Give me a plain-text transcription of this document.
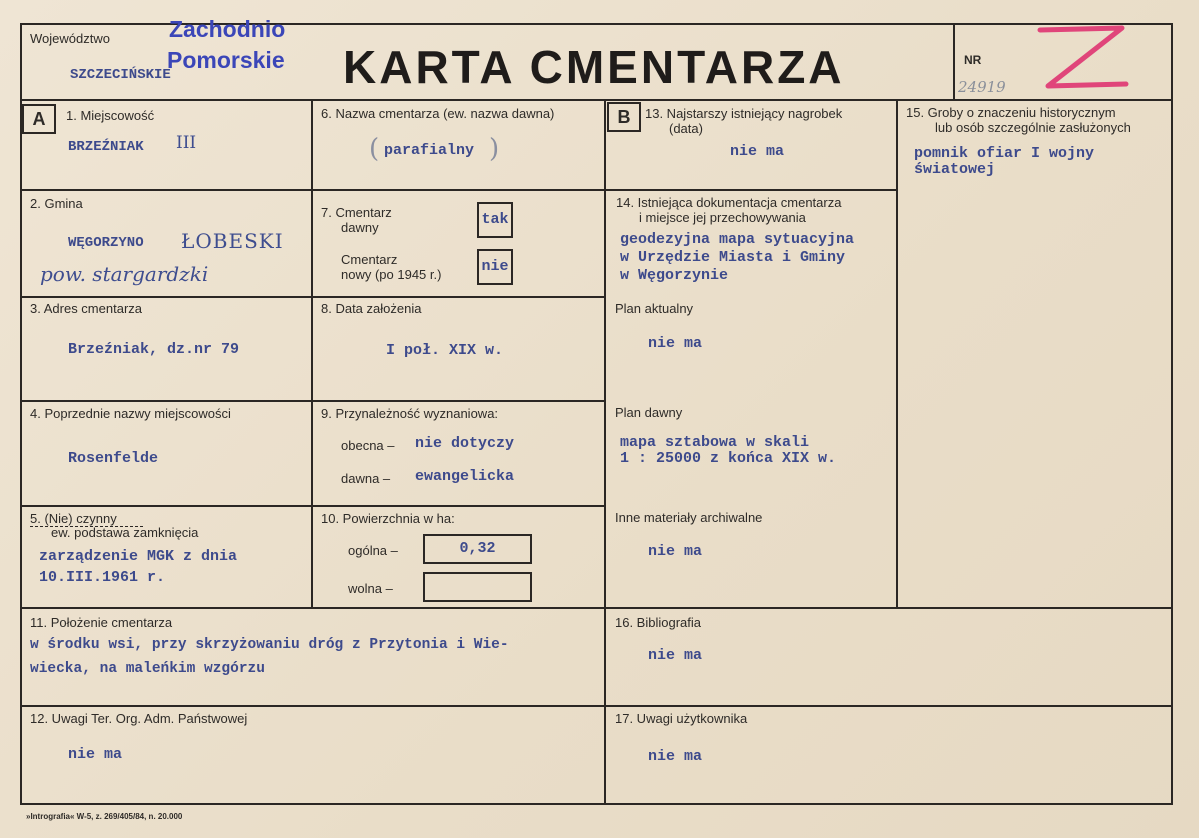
Województwo
SZCZECIŃSKIE
Zachodnio
Pomorskie KARTA CMENTARZA	NR
24919
A	1. Miejscowość
BRZEŹNIAK III
6. Nazwa cmentarza (ew. nazwa dawna)
( parafialny )
B	13. Najstarszy istniejący nagrobek
(data)
nie ma
15. Groby o znaczeniu historycznym
lub osób szczególnie zasłużonych
pomnik ofiar I wojny
światowej
2. Gmina
WĘGORZYNO ŁOBESKI
pow. stargardzki
7. Cmentarz
dawny	tak
Cmentarz
nowy (po 1945 r.)	nie
14. Istniejąca dokumentacja cmentarza
i miejsce jej przechowywania
geodezyjna mapa sytuacyjna
w Urzędzie Miasta i Gminy
w Węgorzynie
3. Adres cmentarza
Brzeźniak, dz.nr 79
8. Data założenia
I poł. XIX w.
Plan aktualny
nie ma
4. Poprzednie nazwy miejscowości
Rosenfelde
9. Przynależność wyznaniowa:
obecna – nie dotyczy
dawna – ewangelicka
Plan dawny
mapa sztabowa w skali
1 : 25000 z końca XIX w.
5. (Nie) czynny
ew. podstawa zamknięcia
zarządzenie MGK z dnia
10.III.1961 r.
10. Powierzchnia w ha:
ogólna –	0,32
wolna –
Inne materiały archiwalne
nie ma
11. Położenie cmentarza
w środku wsi, przy skrzyżowaniu dróg z Przytonia i Wie-
wiecka, na maleńkim wzgórzu
16. Bibliografia
nie ma
12. Uwagi Ter. Org. Adm. Państwowej
nie ma
17. Uwagi użytkownika
nie ma
»Intrografia« W-5, z. 269/405/84, n. 20.000
